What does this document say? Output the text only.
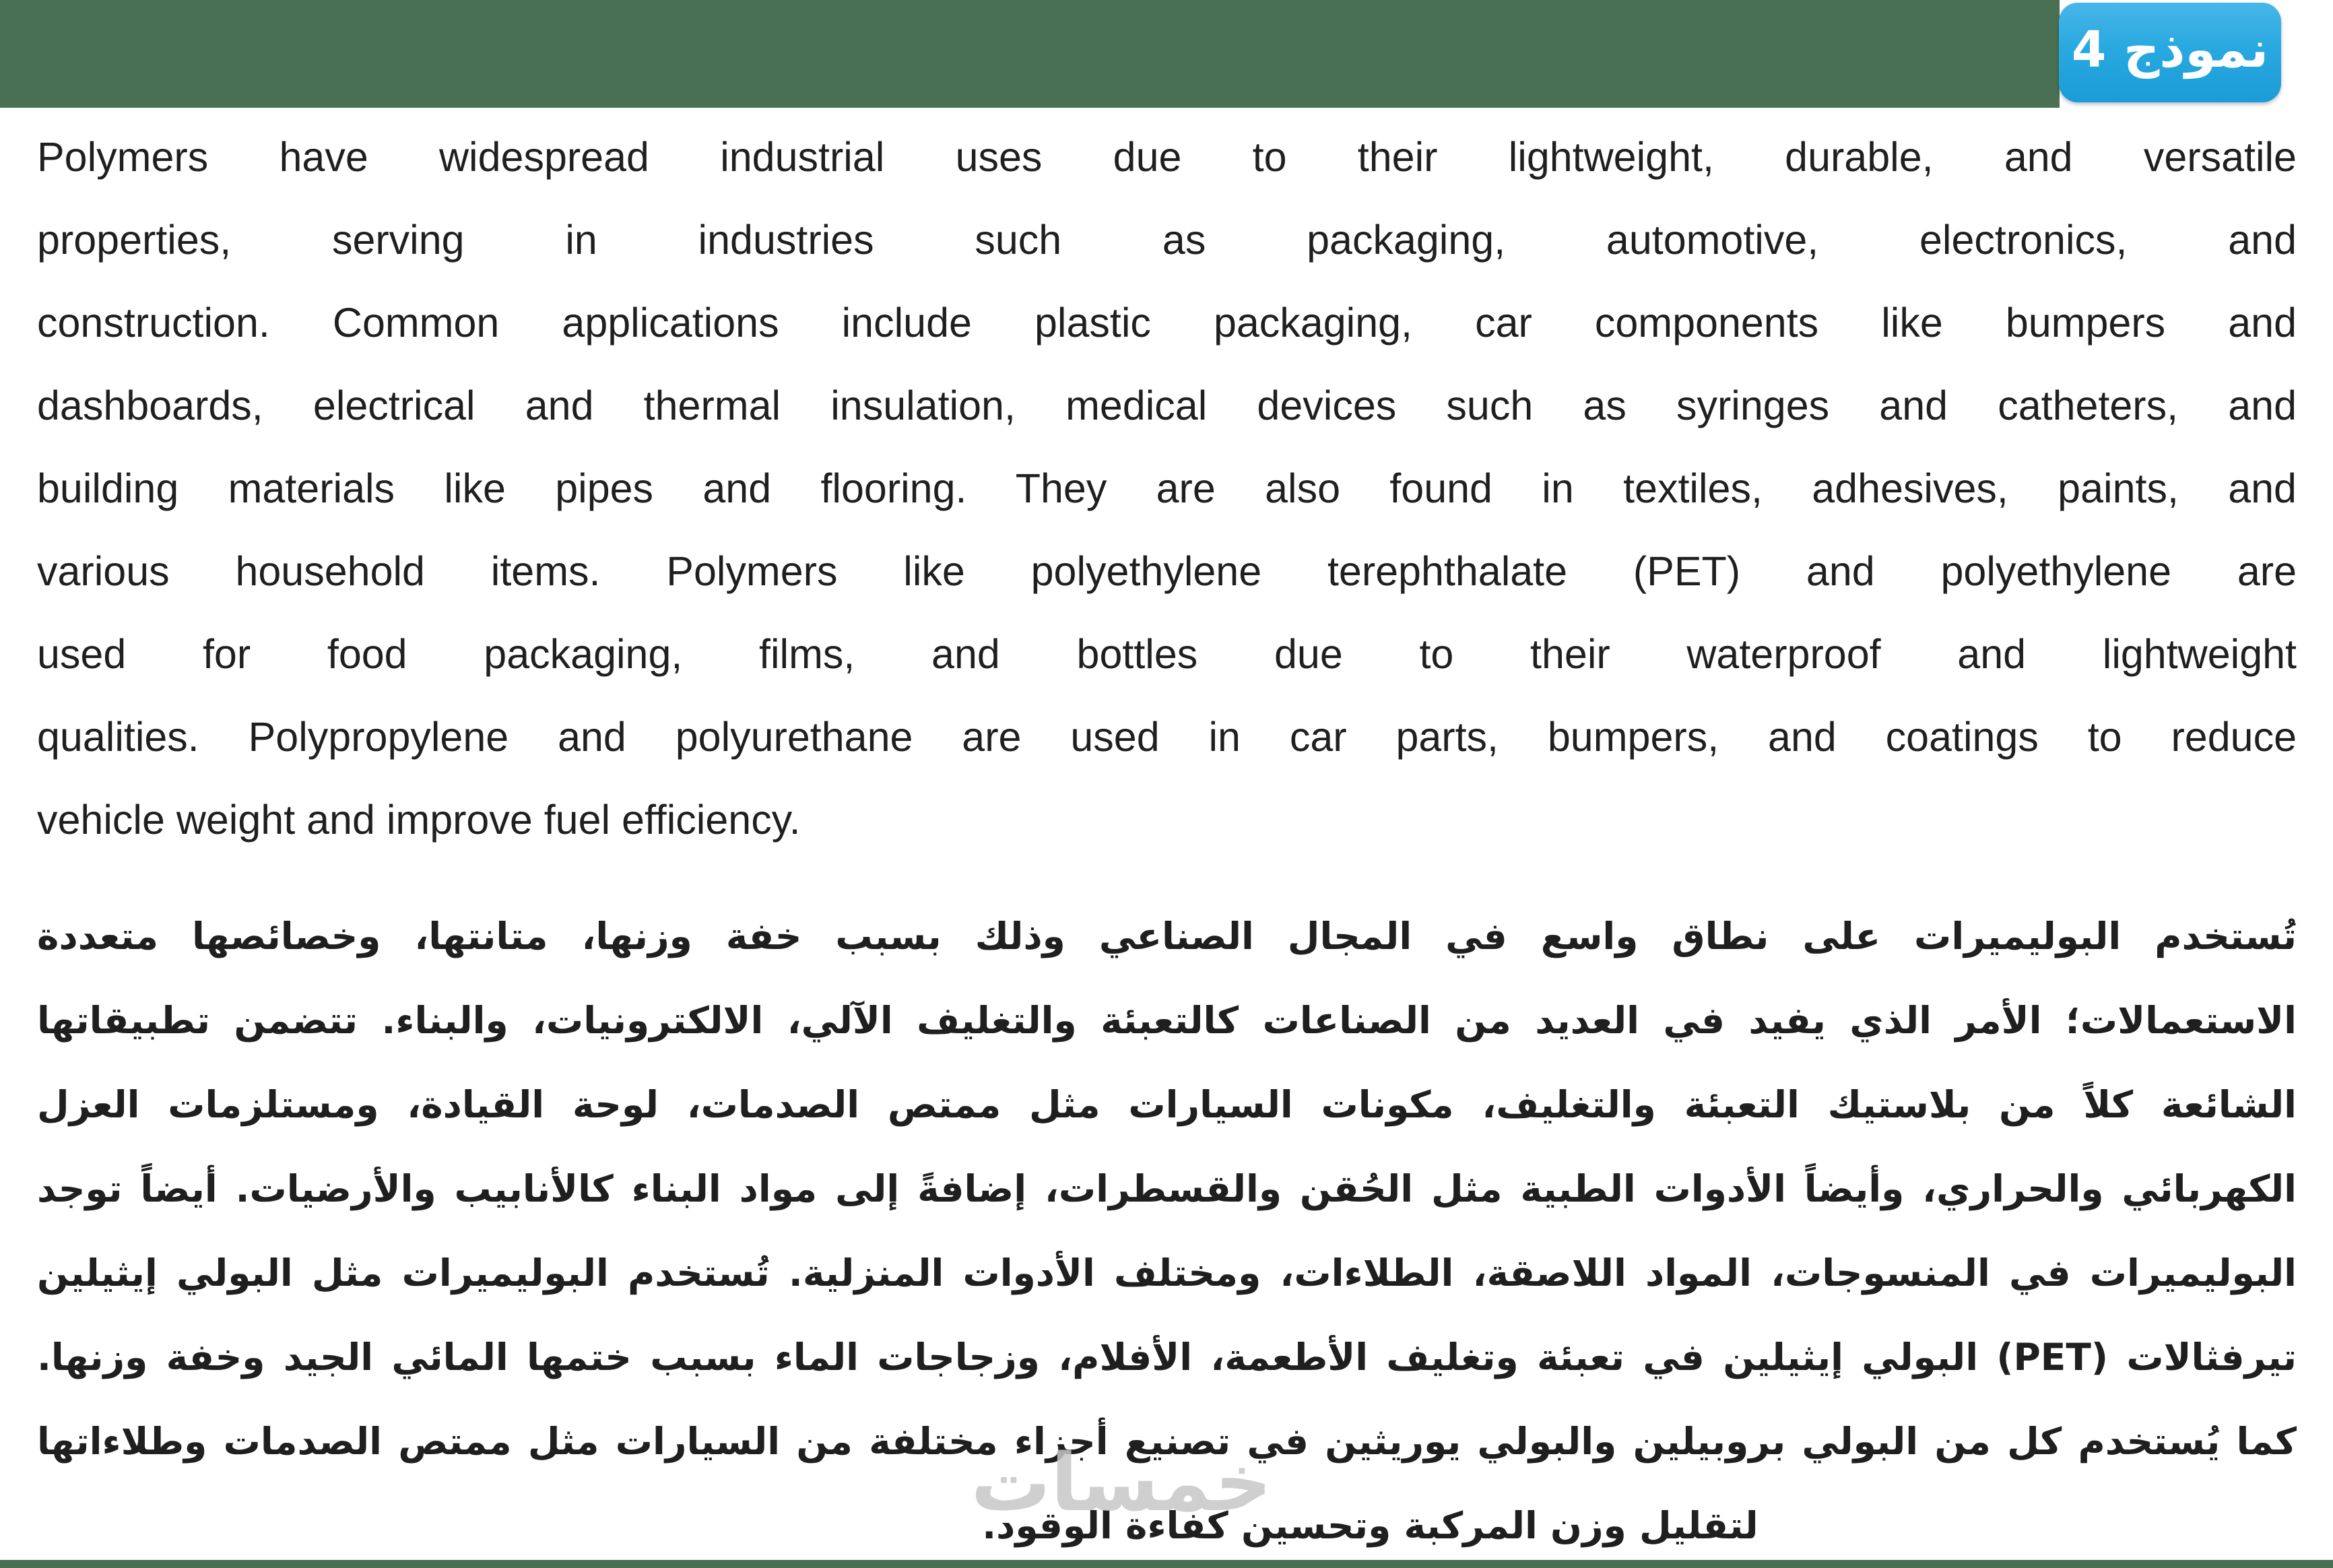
نموذج 4
Polymers have widespread industrial uses due to their lightweight, durable, and versatile
properties, serving in industries such as packaging, automotive, electronics, and
construction. Common applications include plastic packaging, car components like bumpers and
dashboards, electrical and thermal insulation, medical devices such as syringes and catheters, and
building materials like pipes and flooring. They are also found in textiles, adhesives, paints, and
various household items. Polymers like polyethylene terephthalate (PET) and polyethylene are
used for food packaging, films, and bottles due to their waterproof and lightweight
qualities. Polypropylene and polyurethane are used in car parts, bumpers, and coatings to reduce
vehicle weight and improve fuel efficiency.
تُستخدم البوليميرات على نطاق واسع في المجال الصناعي وذلك بسبب خفة وزنها، متانتها، وخصائصها متعددة
الاستعمالات؛ الأمر الذي يفيد في العديد من الصناعات كالتعبئة والتغليف الآلي، الالكترونيات، والبناء. تتضمن تطبيقاتها
الشائعة كلاً من بلاستيك التعبئة والتغليف، مكونات السيارات مثل ممتص الصدمات، لوحة القيادة، ومستلزمات العزل
الكهربائي والحراري، وأيضاً الأدوات الطبية مثل الحُقن والقسطرات، إضافةً إلى مواد البناء كالأنابيب والأرضيات. أيضاً توجد
البوليميرات في المنسوجات، المواد اللاصقة، الطلاءات، ومختلف الأدوات المنزلية. تُستخدم البوليميرات مثل البولي إيثيلين
تيرفثالات (PET) البولي إيثيلين في تعبئة وتغليف الأطعمة، الأفلام، وزجاجات الماء بسبب ختمها المائي الجيد وخفة وزنها.
كما يُستخدم كل من البولي بروبيلين والبولي يوريثين في تصنيع أجزاء مختلفة من السيارات مثل ممتص الصدمات وطلاءاتها
لتقليل وزن المركبة وتحسين كفاءة الوقود.
خمسات
